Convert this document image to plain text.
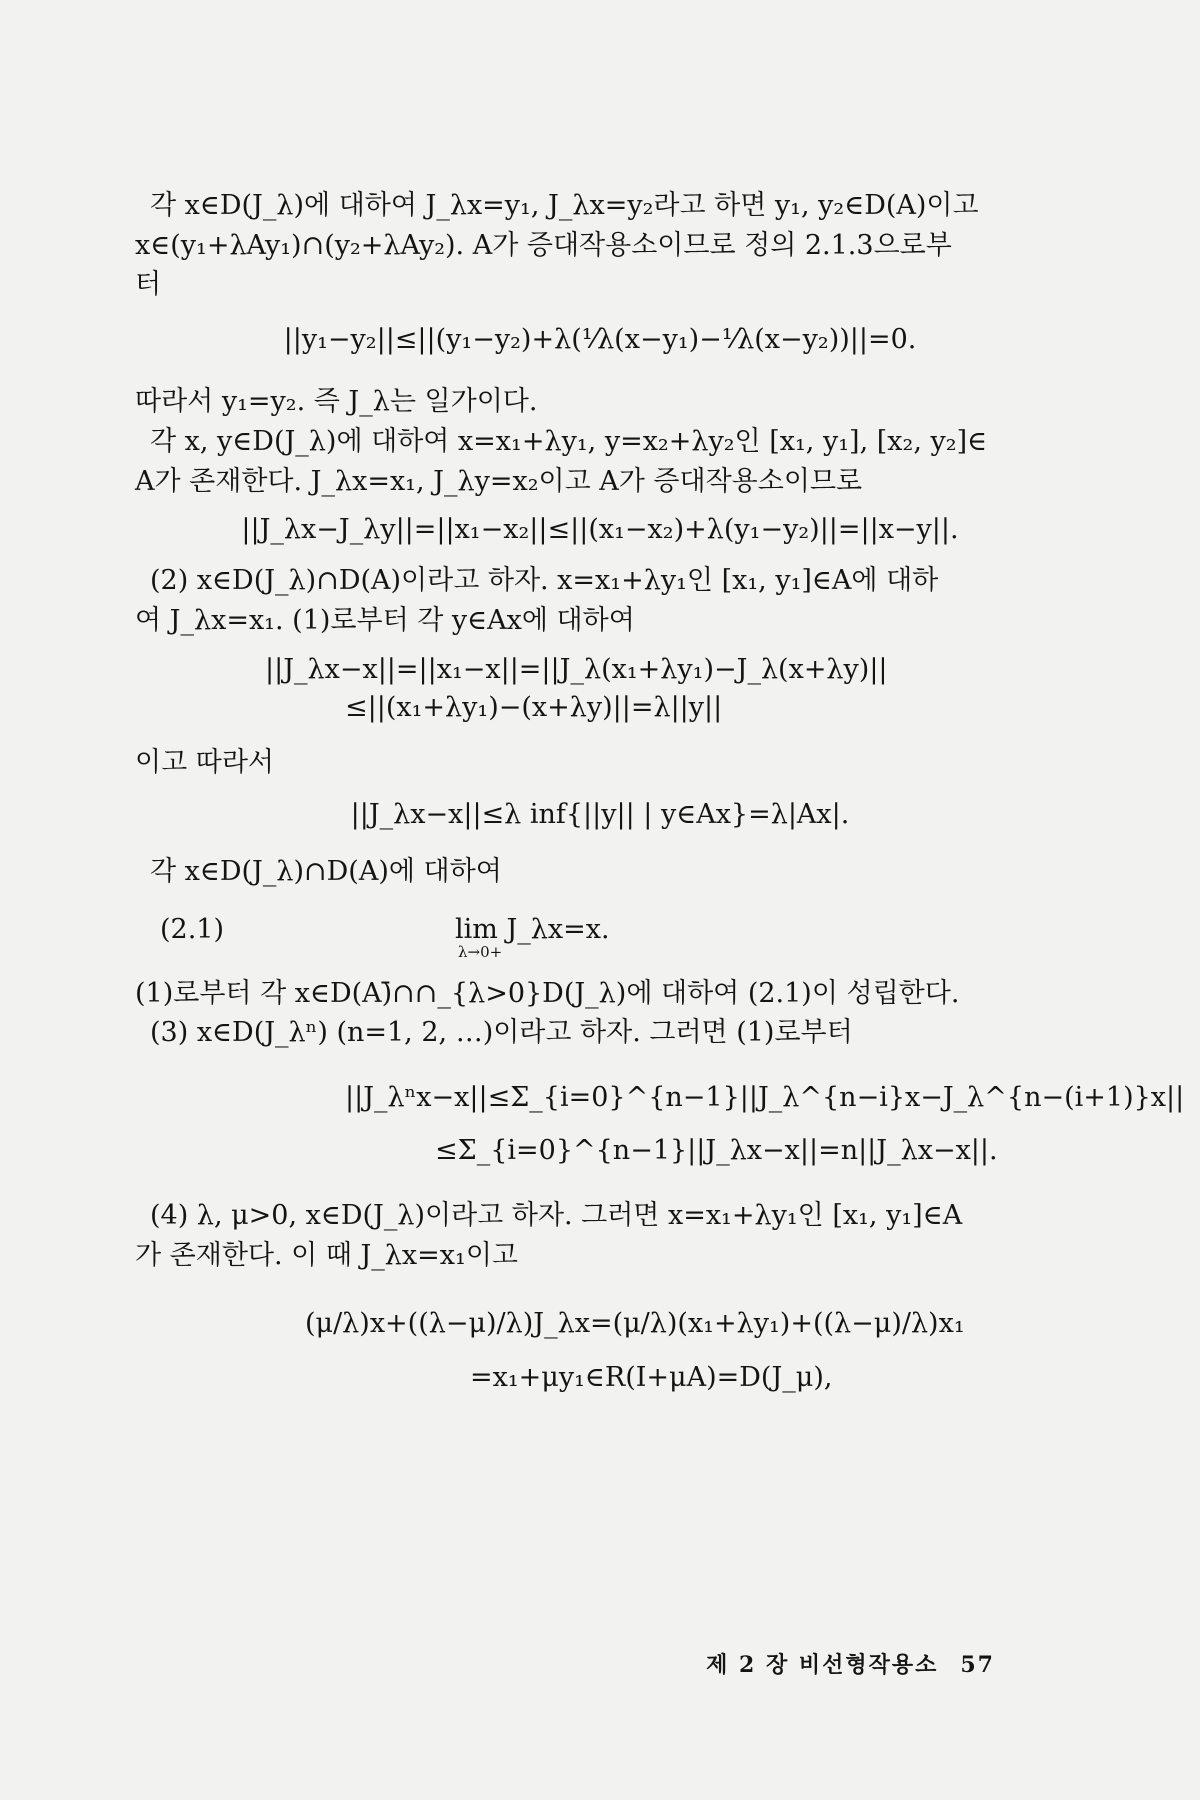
각 x∈D(J_λ)에 대하여 J_λx=y₁, J_λx=y₂라고 하면 y₁, y₂∈D(A)이고
x∈(y₁+λAy₁)∩(y₂+λAy₂). A가 증대작용소이므로 정의 2.1.3으로부
터
||y₁−y₂||≤||(y₁−y₂)+λ(¹⁄λ(x−y₁)−¹⁄λ(x−y₂))||=0.
따라서 y₁=y₂. 즉 J_λ는 일가이다.
각 x, y∈D(J_λ)에 대하여 x=x₁+λy₁, y=x₂+λy₂인 [x₁, y₁], [x₂, y₂]∈
A가 존재한다. J_λx=x₁, J_λy=x₂이고 A가 증대작용소이므로
||J_λx−J_λy||=||x₁−x₂||≤||(x₁−x₂)+λ(y₁−y₂)||=||x−y||.
(2) x∈D(J_λ)∩D(A)이라고 하자. x=x₁+λy₁인 [x₁, y₁]∈A에 대하
여 J_λx=x₁. (1)로부터 각 y∈Ax에 대하여
||J_λx−x||=||x₁−x||=||J_λ(x₁+λy₁)−J_λ(x+λy)||
≤||(x₁+λy₁)−(x+λy)||=λ||y||
이고 따라서
||J_λx−x||≤λ inf{||y|| | y∈Ax}=λ|Ax|.
각 x∈D(J_λ)∩D(A)에 대하여
(2.1)	lim J_λx=x.
λ→0+
(1)로부터 각 x∈D(A)̄∩∩_{λ>0}D(J_λ)에 대하여 (2.1)이 성립한다.
(3) x∈D(J_λⁿ) (n=1, 2, …)이라고 하자. 그러면 (1)로부터
||J_λⁿx−x||≤Σ_{i=0}^{n−1}||J_λ^{n−i}x−J_λ^{n−(i+1)}x||
≤Σ_{i=0}^{n−1}||J_λx−x||=n||J_λx−x||.
(4) λ, μ>0, x∈D(J_λ)이라고 하자. 그러면 x=x₁+λy₁인 [x₁, y₁]∈A
가 존재한다. 이 때 J_λx=x₁이고
(μ/λ)x+((λ−μ)/λ)J_λx=(μ/λ)(x₁+λy₁)+((λ−μ)/λ)x₁
=x₁+μy₁∈R(I+μA)=D(J_μ),
제 2 장 비선형작용소 57
